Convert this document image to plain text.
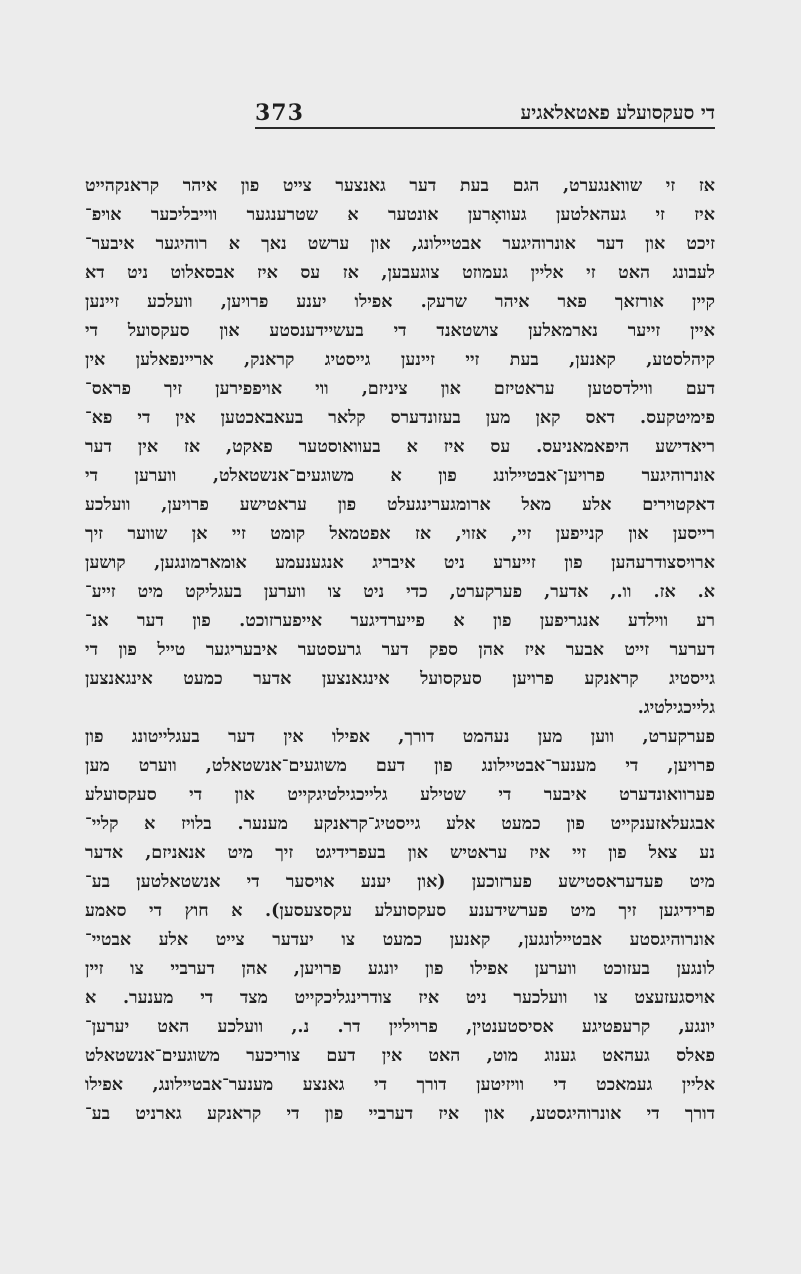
373	די סעקסועלע פאטאלאגיע
אז זי שוואנגערט, הגם בעת דער גאנצער צייט פון איהר קראנקהייט
איז זי געהאלטען געוואָרען אונטער א שטרענגער ווייבליכער אויפ־
זיכט און דער אונרוהיגער אבטיילונג, און ערשט נאך א רוהיגער איבער־
לעבונג האט זי אליין געמוזט צוגעבען, אז עס איז אבסאלוט ניט דא
קיין אורזאך פאר איהר שרעק. אפילו יענע פרויען, וועלכע זיינען
איין זייער נארמאלען צושטאנד די בעשיידענסטע און סעקסועל די
קיהלסטע, קאנען, בעת זיי זיינען גייסטיג קראנק, אריינפאלען אין
דעם ווילדסטען עראטיזם און ציניזם, ווי אויפפירען זיך פראס־
פימיטקעס. דאס קאן מען בעזונדערס קלאר בעאבאכטען אין די פא־
ריאדישע היפאמאניעס. עס איז א בעוואוסטער פאקט, אז אין דער
אונרוהיגער פרויען־אבטיילונג פון א משוגעים־אנשטאלט, ווערען די
דאקטוירים אלע מאל ארומגערינגעלט פון עראטישע פרויען, וועלכע
רייסען און קנייפען זיי, אזוי, אז אפטמאל קומט זיי אן שווער זיך
ארויסצודרעהען פון זייערע ניט איבריג אנגענעמע אומארמונגען, קושען
א. אז. וו., אדער, פערקערט, כדי ניט צו ווערען בעגליקט מיט זייע־
רע ווילדע אנגריפען פון א פייערדיגער אייפערזוכט. פון דער אנ־
דערער זייט אבער איז אהן ספק דער גרעסטער איבעריגער טייל פון די
גייסטיג קראנקע פרויען סעקסועל אינגאנצען אדער כמעט אינגאנצען
גלייכגילטיג.
פערקערט, ווען מען נעהמט דורך, אפילו אין דער בעגלייטונג פון
פרויען, די מענער־אבטיילונג פון דעם משוגעים־אנשטאלט, ווערט מען
פערוואונדערט איבער די שטילע גלייכגילטיגקייט און די סעקסועלע
אבגעלאזענקייט פון כמעט אלע גייסטיג־קראנקע מענער. בלויז א קליי־
נע צאל פון זיי איז עראטיש און בעפרידיגט זיך מיט אנאניזם, אדער
מיט פעדעראסטישע פערזוכען (און יענע אויסער די אנשטאלטען בע־
פרידיגען זיך מיט פערשידענע סעקסועלע עקסצעסען). א חוץ די סאמע
אונרוהיגסטע אבטיילונגען, קאנען כמעט צו יעדער צייט אלע אבטיי־
לונגען בעזוכט ווערען אפילו פון יונגע פרויען, אהן דערביי צו זיין
אויסגעזעצט צו וועלכער ניט איז צודרינגליכקייט מצד די מענער. א
יונגע, קרעפטיגע אסיסטענטין, פרויליין דר. נ., וועלכע האט יערען־
פאלס געהאט גענוג מוט, האט אין דעם צוריכער משוגעים־אנשטאלט
אליין געמאכט די וויזיטען דורך די גאנצע מענער־אבטיילונג, אפילו
דורך די אונרוהיגסטע, און איז דערביי פון די קראנקע גארניט בע־
